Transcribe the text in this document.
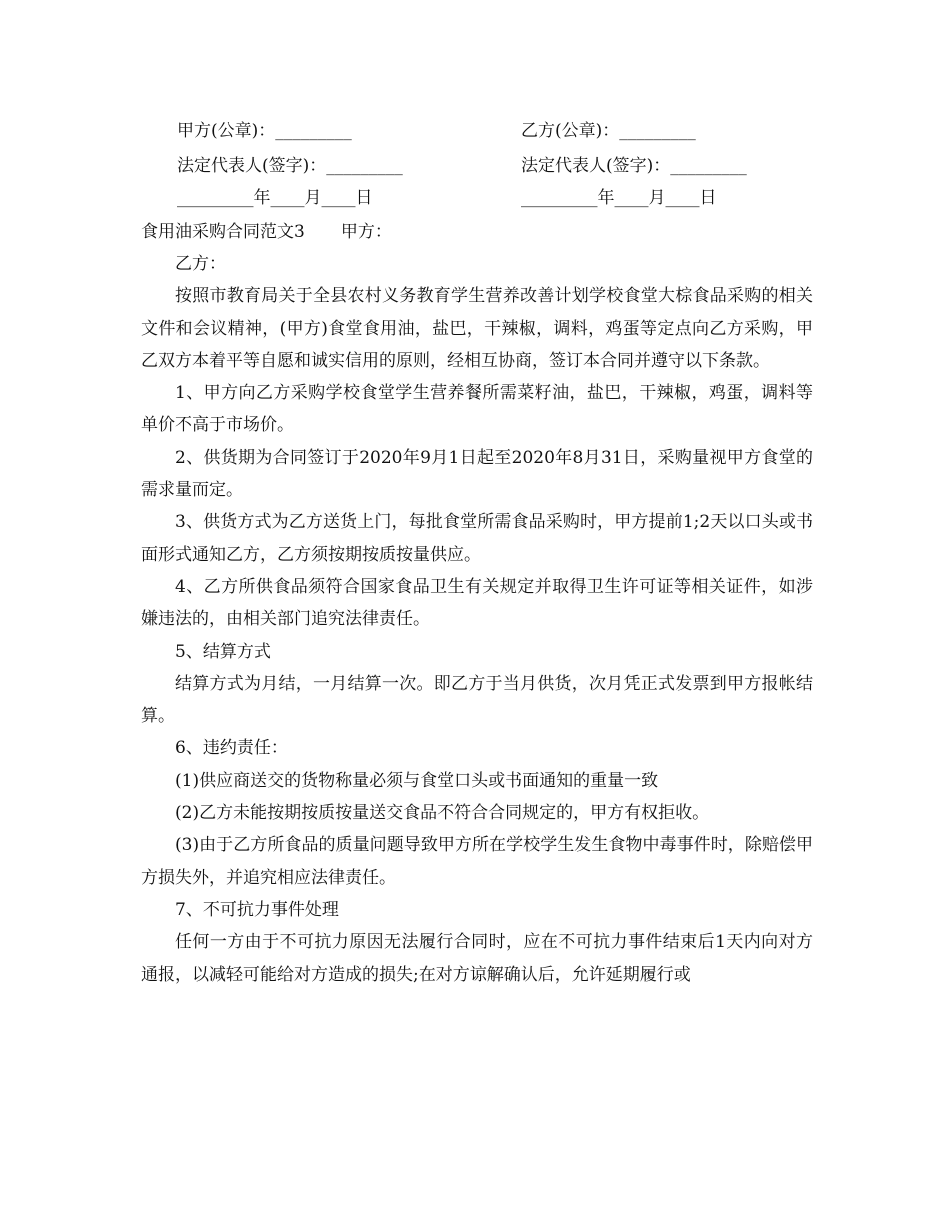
甲方(公章)：_________	乙方(公章)：_________
法定代表人(签字)：_________	法定代表人(签字)：_________
_________年____月____日	_________年____月____日
食用油采购合同范文3 甲方：

乙方：

按照市教育局关于全县农村义务教育学生营养改善计划学校食堂大棕食品采购的相关文件和会议精神，(甲方)食堂食用油，盐巴，干辣椒，调料，鸡蛋等定点向乙方采购，甲乙双方本着平等自愿和诚实信用的原则，经相互协商，签订本合同并遵守以下条款。

1、甲方向乙方采购学校食堂学生营养餐所需菜籽油，盐巴，干辣椒，鸡蛋，调料等单价不高于市场价。

2、供货期为合同签订于2020年9月1日起至2020年8月31日，采购量视甲方食堂的需求量而定。

3、供货方式为乙方送货上门，每批食堂所需食品采购时，甲方提前1;2天以口头或书面形式通知乙方，乙方须按期按质按量供应。

4、乙方所供食品须符合国家食品卫生有关规定并取得卫生许可证等相关证件，如涉嫌违法的，由相关部门追究法律责任。

5、结算方式

结算方式为月结，一月结算一次。即乙方于当月供货，次月凭正式发票到甲方报帐结算。

6、违约责任：

(1)供应商送交的货物称量必须与食堂口头或书面通知的重量一致

(2)乙方未能按期按质按量送交食品不符合合同规定的，甲方有权拒收。

(3)由于乙方所食品的质量问题导致甲方所在学校学生发生食物中毒事件时，除赔偿甲方损失外，并追究相应法律责任。

7、不可抗力事件处理

任何一方由于不可抗力原因无法履行合同时，应在不可抗力事件结束后1天内向对方通报，以减轻可能给对方造成的损失;在对方谅解确认后，允许延期履行或
